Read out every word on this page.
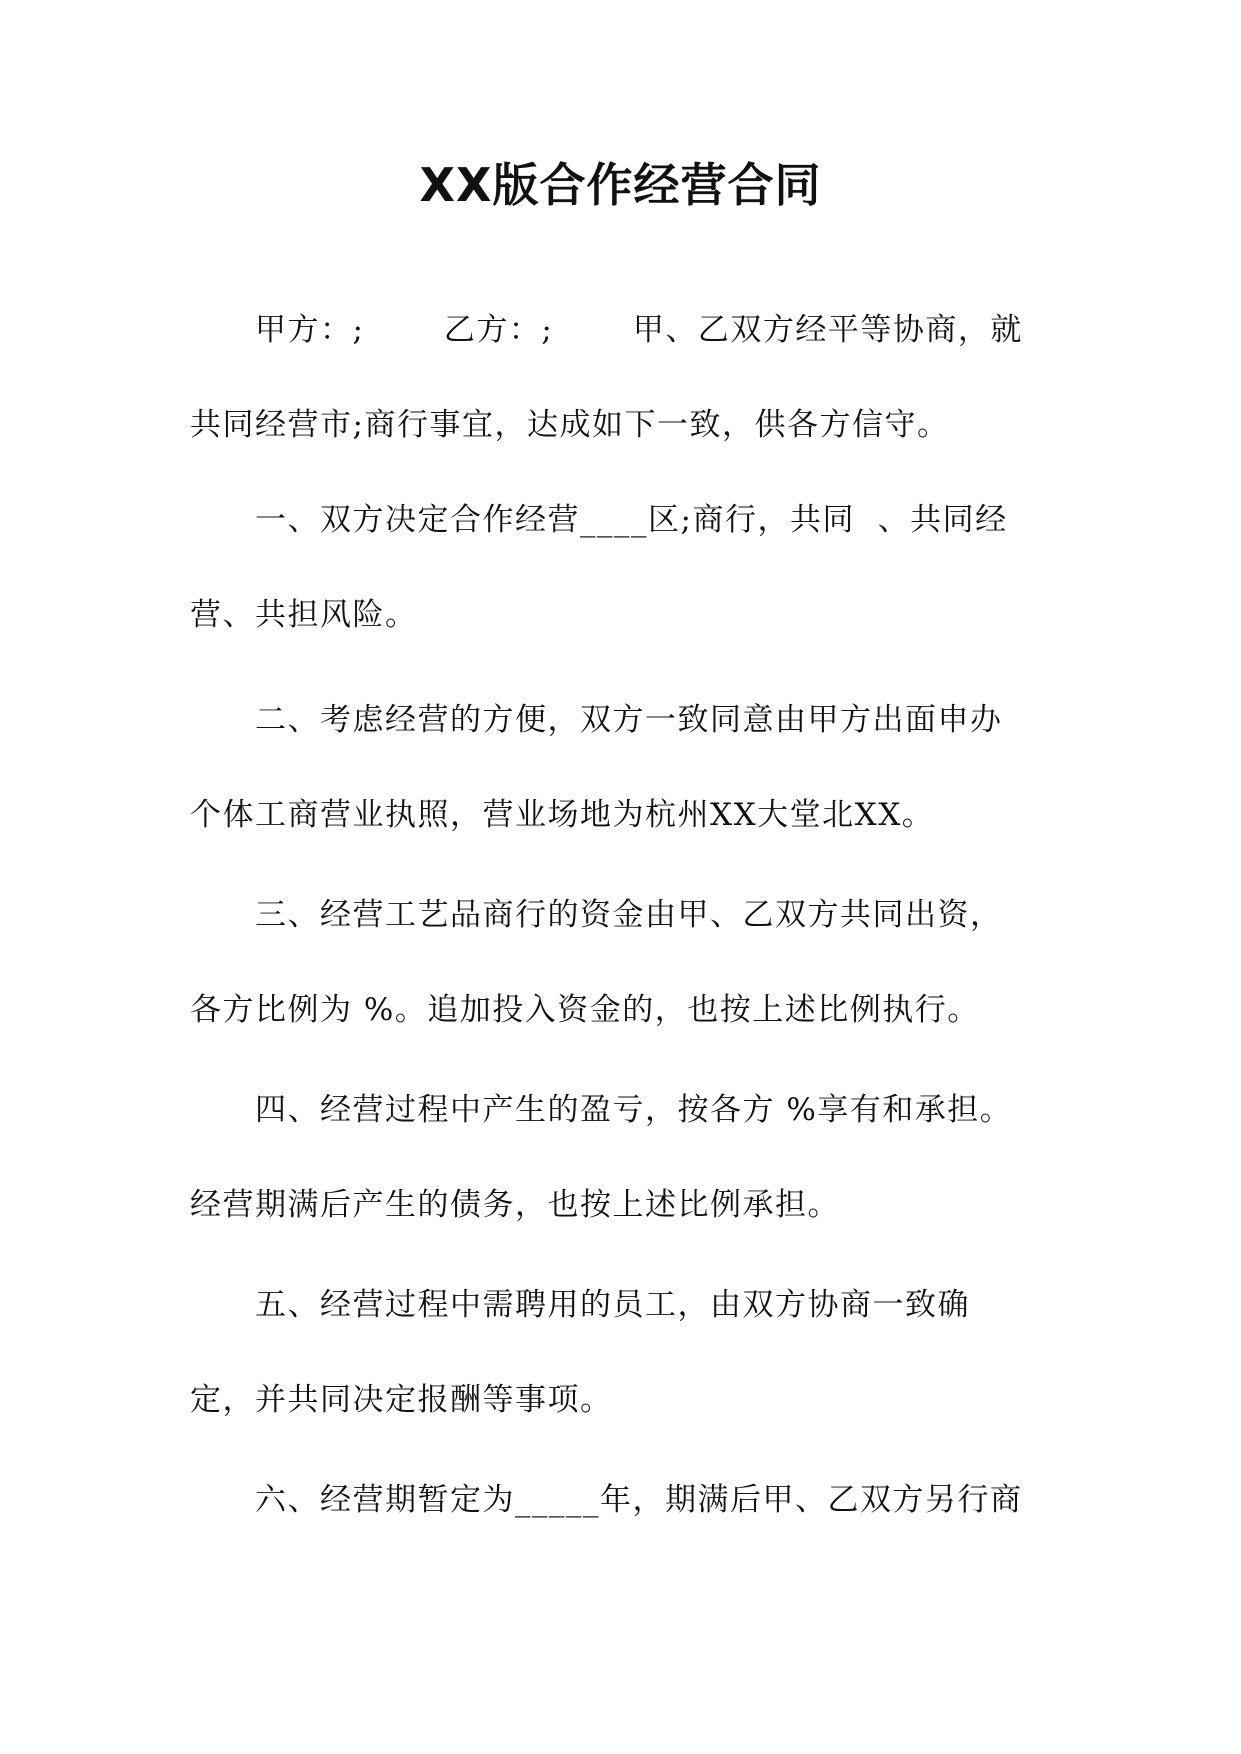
XX版合作经营合同
甲方：;       乙方：;       甲、乙双方经平等协商，就
共同经营市;商行事宜，达成如下一致，供各方信守。
一、双方决定合作经营____区;商行，共同  、共同经
营、共担风险。
二、考虑经营的方便，双方一致同意由甲方出面申办
个体工商营业执照，营业场地为杭州XX大堂北XX。
三、经营工艺品商行的资金由甲、乙双方共同出资，
各方比例为 %。追加投入资金的，也按上述比例执行。
四、经营过程中产生的盈亏，按各方 %享有和承担。
经营期满后产生的债务，也按上述比例承担。
五、经营过程中需聘用的员工，由双方协商一致确
定，并共同决定报酬等事项。
六、经营期暂定为_____年，期满后甲、乙双方另行商
